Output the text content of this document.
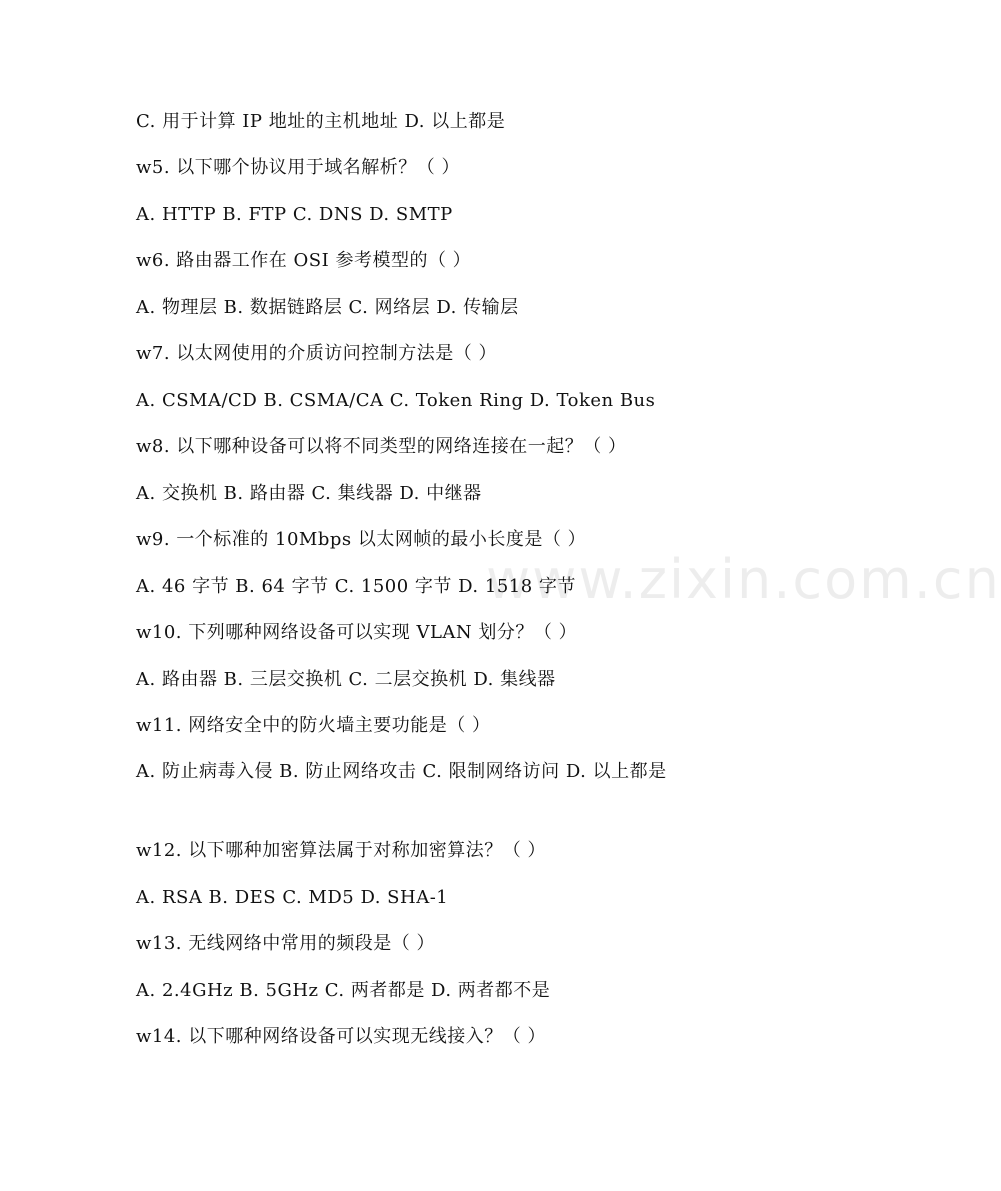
C. 用于计算 IP 地址的主机地址 D. 以上都是
w5. 以下哪个协议用于域名解析？（ ）
A. HTTP B. FTP C. DNS D. SMTP
w6. 路由器工作在 OSI 参考模型的（ ）
A. 物理层 B. 数据链路层 C. 网络层 D. 传输层
w7. 以太网使用的介质访问控制方法是（ ）
A. CSMA/CD B. CSMA/CA C. Token Ring D. Token Bus
w8. 以下哪种设备可以将不同类型的网络连接在一起？（ ）
A. 交换机 B. 路由器 C. 集线器 D. 中继器
w9. 一个标准的 10Mbps 以太网帧的最小长度是（ ）
A. 46 字节 B. 64 字节 C. 1500 字节 D. 1518 字节
w10. 下列哪种网络设备可以实现 VLAN 划分？（ ）
A. 路由器 B. 三层交换机 C. 二层交换机 D. 集线器
w11. 网络安全中的防火墙主要功能是（ ）
A. 防止病毒入侵 B. 防止网络攻击 C. 限制网络访问 D. 以上都是
w12. 以下哪种加密算法属于对称加密算法？（ ）
A. RSA B. DES C. MD5 D. SHA-1
w13. 无线网络中常用的频段是（ ）
A. 2.4GHz B. 5GHz C. 两者都是 D. 两者都不是
w14. 以下哪种网络设备可以实现无线接入？（ ）
www.zixin.com.cn
